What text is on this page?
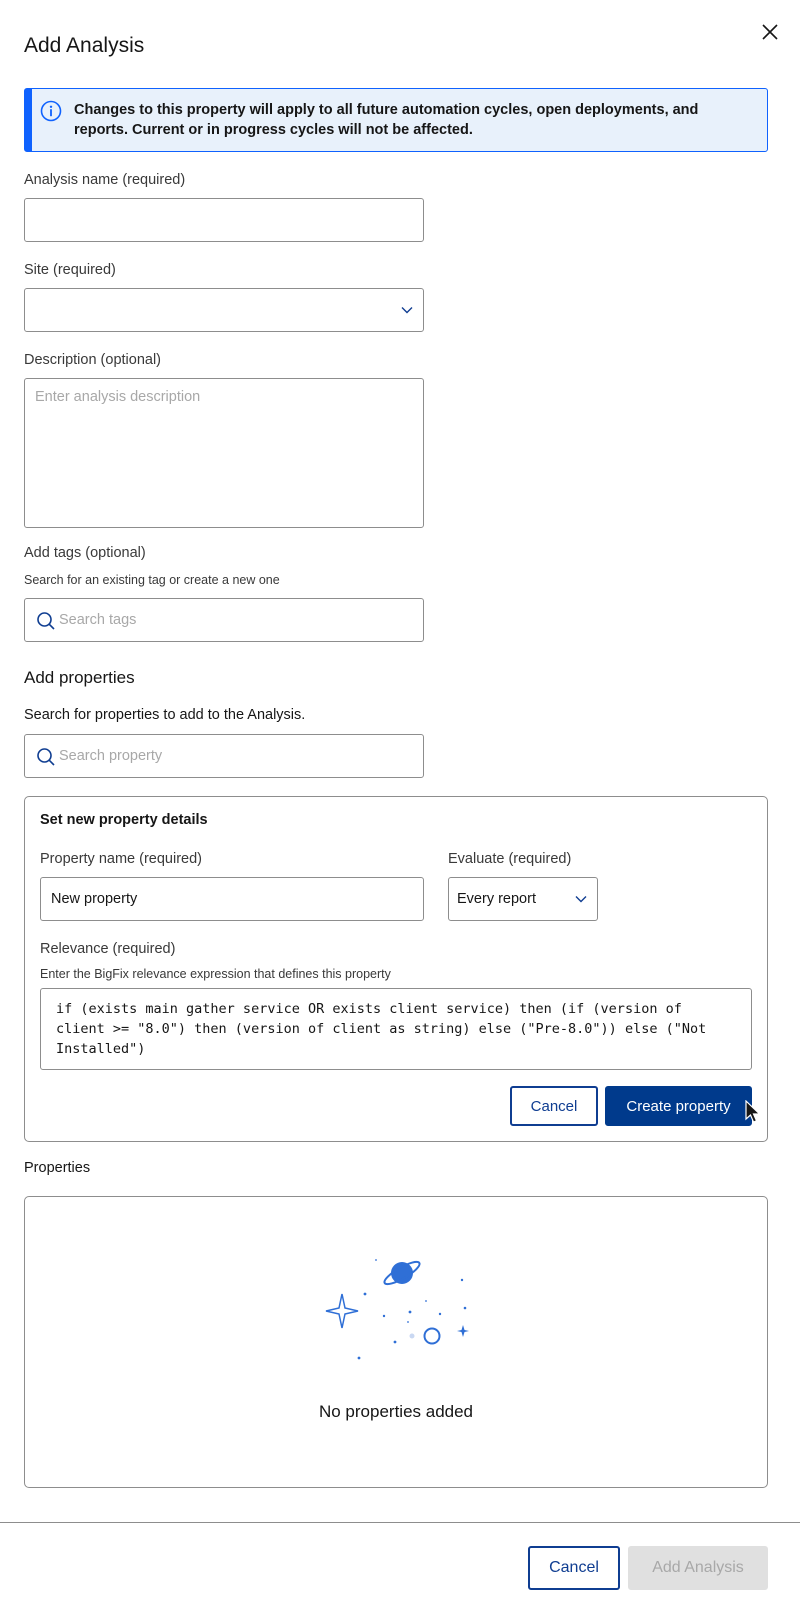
Add Analysis
Changes to this property will apply to all future automation cycles, open deployments, and reports. Current or in progress cycles will not be affected.
Analysis name (required)
Site (required)
Description (optional)
Enter analysis description
Add tags (optional)
Search for an existing tag or create a new one
Search tags
Add properties
Search for properties to add to the Analysis.
Search property
Set new property details
Property name (required)
New property
Evaluate (required)
Every report
Relevance (required)
Enter the BigFix relevance expression that defines this property
if (exists main gather service OR exists client service) then (if (version of client >= "8.0") then (version of client as string) else ("Pre-8.0")) else ("Not Installed")
Cancel	Create property
Properties
No properties added
Cancel	Add Analysis
